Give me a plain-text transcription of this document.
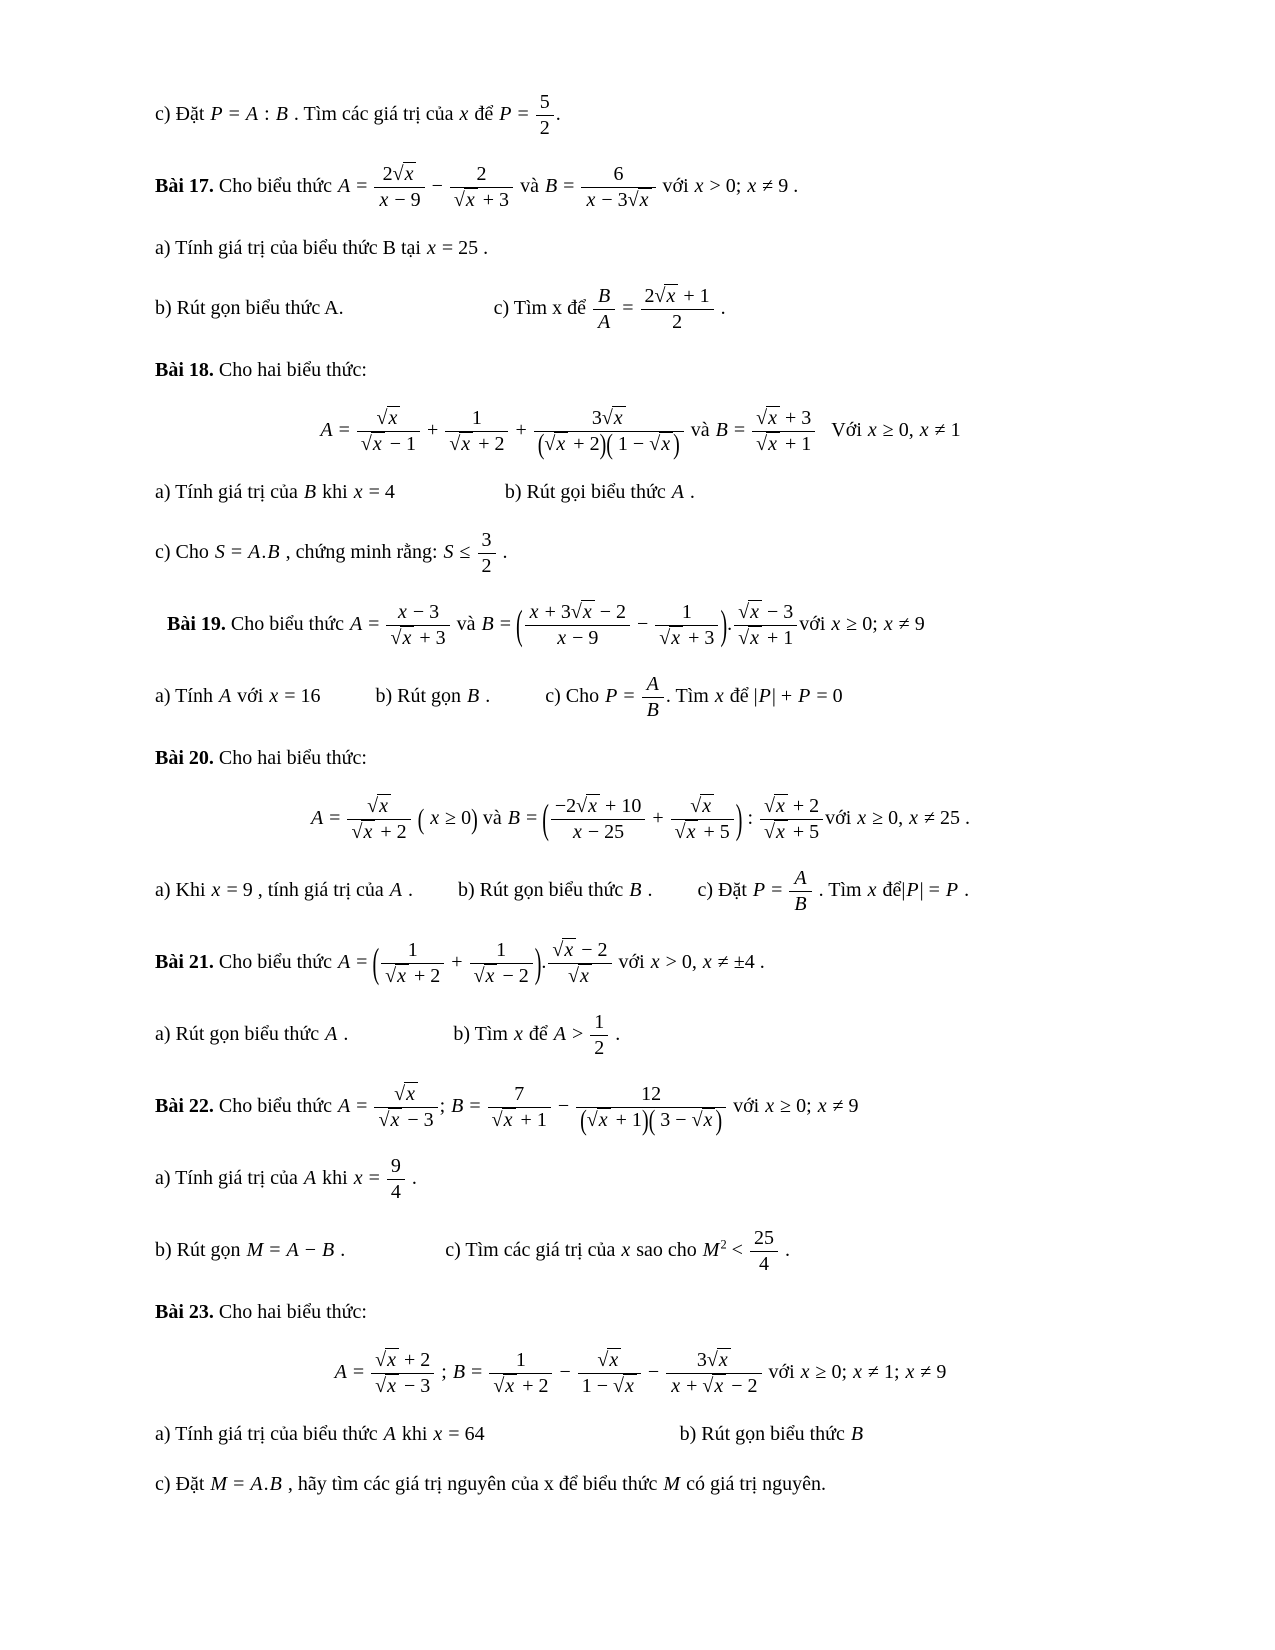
c) Đặt P = A : B . Tìm các giá trị của x để $P = \frac{5}{2}$ .
Bài 17. Cho biểu thức $A = \frac{2√x}{x - 9} - \frac{2}{√x + 3}$ và $B = \frac{6}{x - 3√x}$ với x > 0; x ≠ 9 .
a) Tính giá trị của biểu thức B tại x = 25 .
b) Rút gọn biểu thức A.	c) Tìm x để $\frac{B}{A} = \frac{2√x + 1}{2}$ .
Bài 18. Cho hai biểu thức:
$A = \frac{√x}{√x - 1} + \frac{1}{√x + 2} + \frac{3√x}{(√x + 2)( 1 - √x )}$ và $B = \frac{√x + 3}{√x + 1}$ Với x ≥ 0, x ≠ 1
a) Tính giá trị của B khi x = 4	b) Rút gọi biểu thức A .
c) Cho S = A.B , chứng minh rằng: $S \le \frac{3}{2}$ .
Bài 19. Cho biểu thức $A = \frac{x - 3}{√x + 3}$ và B = ( $\frac{x + 3√x - 2}{x - 9} - \frac{1}{√x + 3}$ ). $\frac{√x - 3}{√x + 1}$ với x ≥ 0; x ≠ 9
a) Tính A với x = 16	b) Rút gọn B .	c) Cho $P = \frac{A}{B}$ . Tìm x để |P| + P = 0
Bài 20. Cho hai biểu thức:
$A = \frac{√x}{√x + 2}$ ( x ≥ 0) và B = ( $\frac{-2√x + 10}{x - 25} + \frac{√x}{√x + 5}$ ) : $\frac{√x + 2}{√x + 5}$ với x ≥ 0, x ≠ 25 .
a) Khi x = 9 , tính giá trị của A . b) Rút gọn biểu thức B . c) Đặt $P = \frac{A}{B}$ . Tìm x để|P| = P .
Bài 21. Cho biểu thức A = ( $\frac{1}{√x + 2} + \frac{1}{√x - 2}$ ). $\frac{√x - 2}{√x}$ với x > 0, x ≠ ±4 .
a) Rút gọn biểu thức A .	b) Tìm x để $A > \frac{1}{2}$ .
Bài 22. Cho biểu thức $A = \frac{√x}{√x - 3}$ ; $B = \frac{7}{√x + 1} - \frac{12}{(√x + 1)( 3 - √x )}$ với x ≥ 0; x ≠ 9
a) Tính giá trị của A khi $x = \frac{9}{4}$ .
b) Rút gọn M = A − B .	c) Tìm các giá trị của x sao cho $M^2 < \frac{25}{4}$ .
Bài 23. Cho hai biểu thức:
$A = \frac{√x + 2}{√x - 3}$ ; $B = \frac{1}{√x + 2} - \frac{√x}{1 - √x} - \frac{3√x}{x + √x - 2}$ với x ≥ 0; x ≠ 1; x ≠ 9
a) Tính giá trị của biểu thức A khi x = 64	b) Rút gọn biểu thức B
c) Đặt M = A.B , hãy tìm các giá trị nguyên của x để biểu thức M có giá trị nguyên.
